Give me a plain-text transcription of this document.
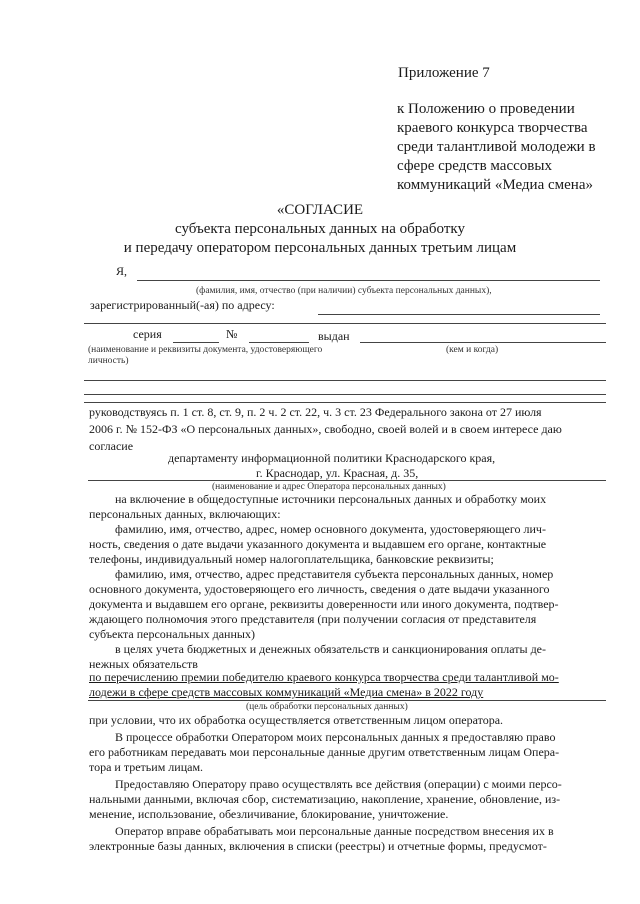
Приложение 7
к Положению о проведении
краевого конкурса творчества
среди талантливой молодежи в
сфере средств массовых
коммуникаций «Медиа смена»
«СОГЛАСИЕ
субъекта персональных данных на обработку
и передачу оператором персональных данных третьим лицам
Я,
(фамилия, имя, отчество (при наличии) субъекта персональных данных),
зарегистрированный(-ая) по адресу:
серия	№	выдан
(наименование и реквизиты документа, удостоверяющего
личность)
(кем и когда)
руководствуясь п. 1 ст. 8, ст. 9, п. 2 ч. 2 ст. 22, ч. 3 ст. 23 Федерального закона от 27 июля
2006 г. № 152-ФЗ «О персональных данных», свободно, своей волей и в своем интересе даю
согласие
департаменту информационной политики Краснодарского края,
г. Краснодар, ул. Красная, д. 35,
(наименование и адрес Оператора персональных данных)
на включение в общедоступные источники персональных данных и обработку моих
персональных данных, включающих:
фамилию, имя, отчество, адрес, номер основного документа, удостоверяющего лич-
ность, сведения о дате выдачи указанного документа и выдавшем его органе, контактные
телефоны, индивидуальный номер налогоплательщика, банковские реквизиты;
фамилию, имя, отчество, адрес представителя субъекта персональных данных, номер
основного документа, удостоверяющего его личность, сведения о дате выдачи указанного
документа и выдавшем его органе, реквизиты доверенности или иного документа, подтвер-
ждающего полномочия этого представителя (при получении согласия от представителя
субъекта персональных данных)
в целях учета бюджетных и денежных обязательств и санкционирования оплаты де-
нежных обязательств
по перечислению премии победителю краевого конкурса творчества среди талантливой мо-
лодежи в сфере средств массовых коммуникаций «Медиа смена» в 2022 году
(цель обработки персональных данных)
при условии, что их обработка осуществляется ответственным лицом оператора.
В процессе обработки Оператором моих персональных данных я предоставляю право
его работникам передавать мои персональные данные другим ответственным лицам Опера-
тора и третьим лицам.
Предоставляю Оператору право осуществлять все действия (операции) с моими персо-
нальными данными, включая сбор, систематизацию, накопление, хранение, обновление, из-
менение, использование, обезличивание, блокирование, уничтожение.
Оператор вправе обрабатывать мои персональные данные посредством внесения их в
электронные базы данных, включения в списки (реестры) и отчетные формы, предусмот-
